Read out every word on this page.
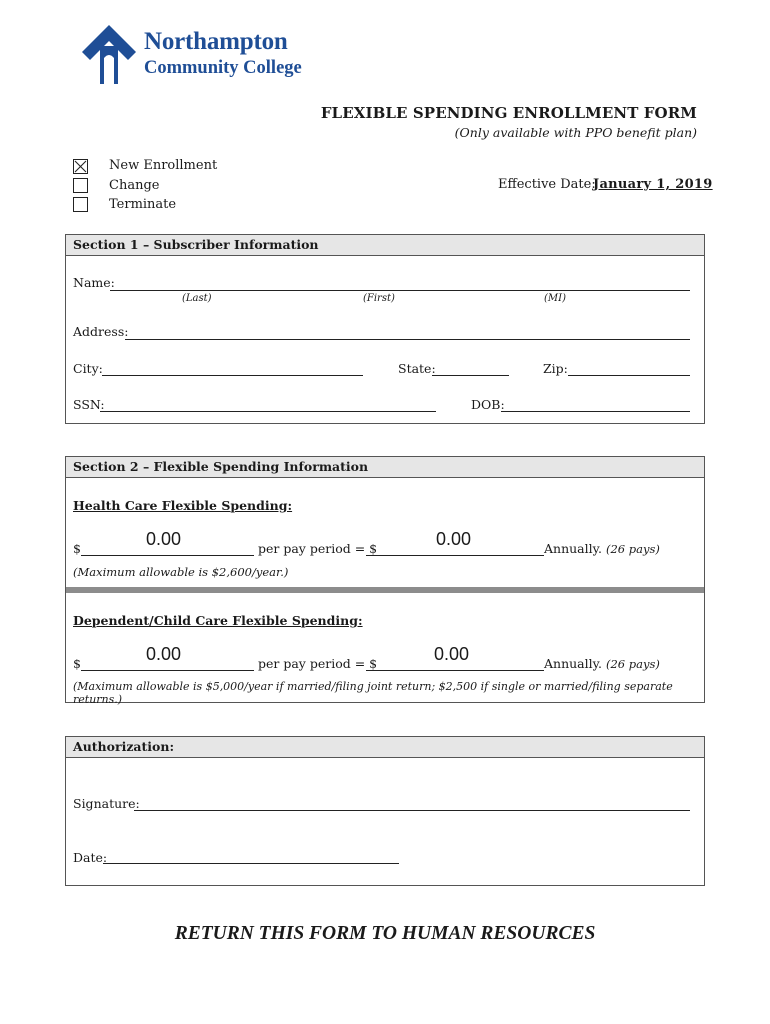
Northampton
Community College
FLEXIBLE SPENDING ENROLLMENT FORM
(Only available with PPO benefit plan)
New Enrollment
Change
Terminate
Effective Date:
January 1, 2019
Section 1 – Subscriber Information
Name:
(Last)	(First)	(MI)
Address:
City:	State:	Zip:
SSN:	DOB:
Section 2 – Flexible Spending Information
Health Care Flexible Spending:
$	0.00	per pay period = $	0.00	Annually. (26 pays)
(Maximum allowable is $2,600/year.)
Dependent/Child Care Flexible Spending:
$	0.00	per pay period = $	0.00	Annually. (26 pays)
(Maximum allowable is $5,000/year if married/filing joint return; $2,500 if single or married/filing separate returns.)
Authorization:
Signature:
Date:
RETURN THIS FORM TO HUMAN RESOURCES
